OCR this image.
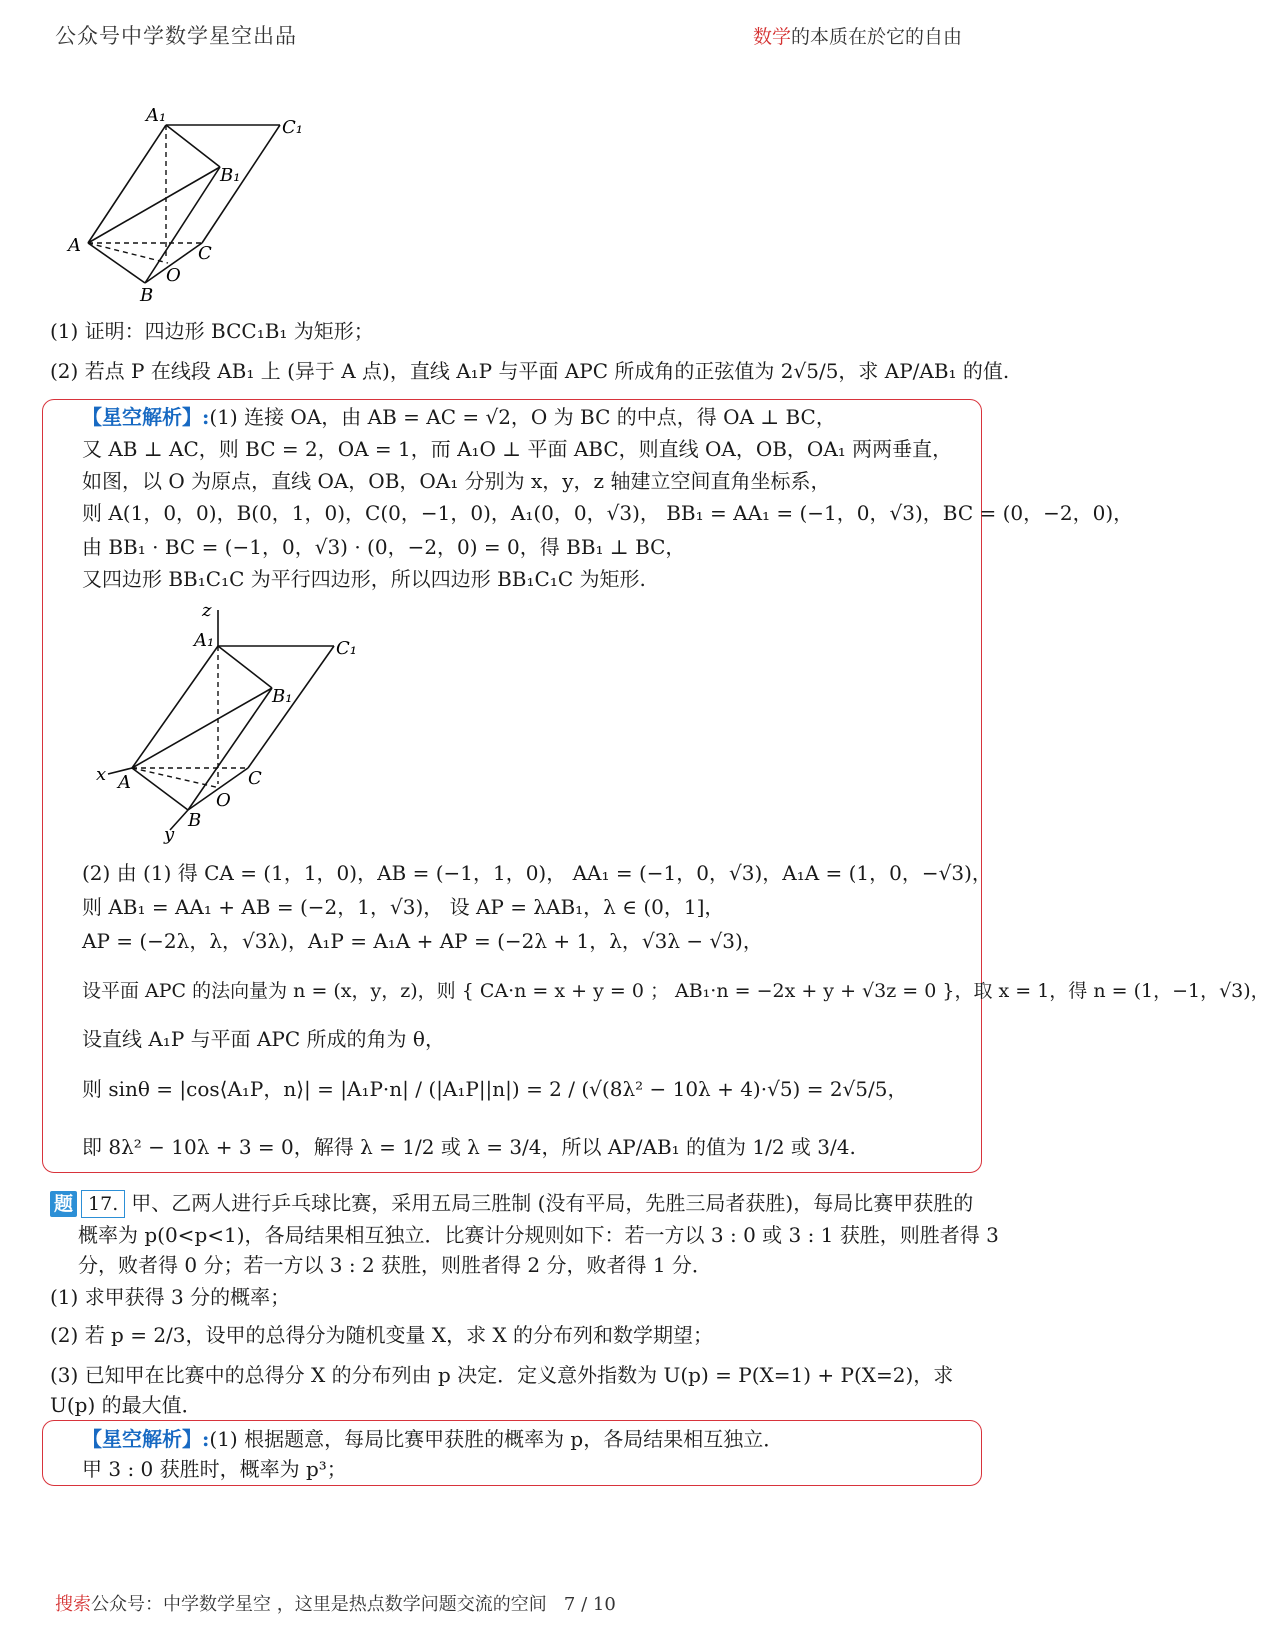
公众号中学数学星空出品	数学的本质在於它的自由
A₁
C₁
B₁
A	C
O
B
(1) 证明：四边形 BCC₁B₁ 为矩形；
(2) 若点 P 在线段 AB₁ 上 (异于 A 点)，直线 A₁P 与平面 APC 所成角的正弦值为 2√5/5，求 AP/AB₁ 的值.
【星空解析】:(1) 连接 OA，由 AB = AC = √2，O 为 BC 的中点，得 OA ⊥ BC，
又 AB ⊥ AC，则 BC = 2，OA = 1，而 A₁O ⊥ 平面 ABC，则直线 OA，OB，OA₁ 两两垂直，
如图，以 O 为原点，直线 OA，OB，OA₁ 分别为 x，y，z 轴建立空间直角坐标系，
则 A(1，0，0)，B(0，1，0)，C(0，−1，0)，A₁(0，0，√3)， BB₁ = AA₁ = (−1，0，√3)，BC = (0，−2，0)，
由 BB₁ · BC = (−1，0，√3) · (0，−2，0) = 0，得 BB₁ ⊥ BC，
又四边形 BB₁C₁C 为平行四边形，所以四边形 BB₁C₁C 为矩形.
z
A₁	C₁
B₁
x A	C
O
B
y
(2) 由 (1) 得 CA = (1，1，0)，AB = (−1，1，0)， AA₁ = (−1，0，√3)，A₁A = (1，0，−√3)，
则 AB₁ = AA₁ + AB = (−2，1，√3)， 设 AP = λAB₁，λ ∈ (0，1]，
AP = (−2λ，λ，√3λ)，A₁P = A₁A + AP = (−2λ + 1，λ，√3λ − √3)，
设平面 APC 的法向量为 n = (x，y，z)，则 { CA·n = x + y = 0 ； AB₁·n = −2x + y + √3z = 0 }，取 x = 1，得 n = (1，−1，√3)，
设直线 A₁P 与平面 APC 所成的角为 θ，
则 sinθ = |cos⟨A₁P，n⟩| = |A₁P·n| / (|A₁P||n|) = 2 / (√(8λ² − 10λ + 4)·√5) = 2√5/5，
即 8λ² − 10λ + 3 = 0，解得 λ = 1/2 或 λ = 3/4，所以 AP/AB₁ 的值为 1/2 或 3/4.
题 17. 甲、乙两人进行乒乓球比赛，采用五局三胜制 (没有平局，先胜三局者获胜)，每局比赛甲获胜的
概率为 p(0<p<1)，各局结果相互独立．比赛计分规则如下：若一方以 3 : 0 或 3 : 1 获胜，则胜者得 3
分，败者得 0 分；若一方以 3 : 2 获胜，则胜者得 2 分，败者得 1 分．
(1) 求甲获得 3 分的概率；
(2) 若 p = 2/3，设甲的总得分为随机变量 X，求 X 的分布列和数学期望；
(3) 已知甲在比赛中的总得分 X 的分布列由 p 决定．定义意外指数为 U(p) = P(X=1) + P(X=2)，求
U(p) 的最大值．
【星空解析】:(1) 根据题意，每局比赛甲获胜的概率为 p，各局结果相互独立．
甲 3 : 0 获胜时，概率为 p³；
搜索公众号：中学数学星空 ，这里是热点数学问题交流的空间 7 / 10
